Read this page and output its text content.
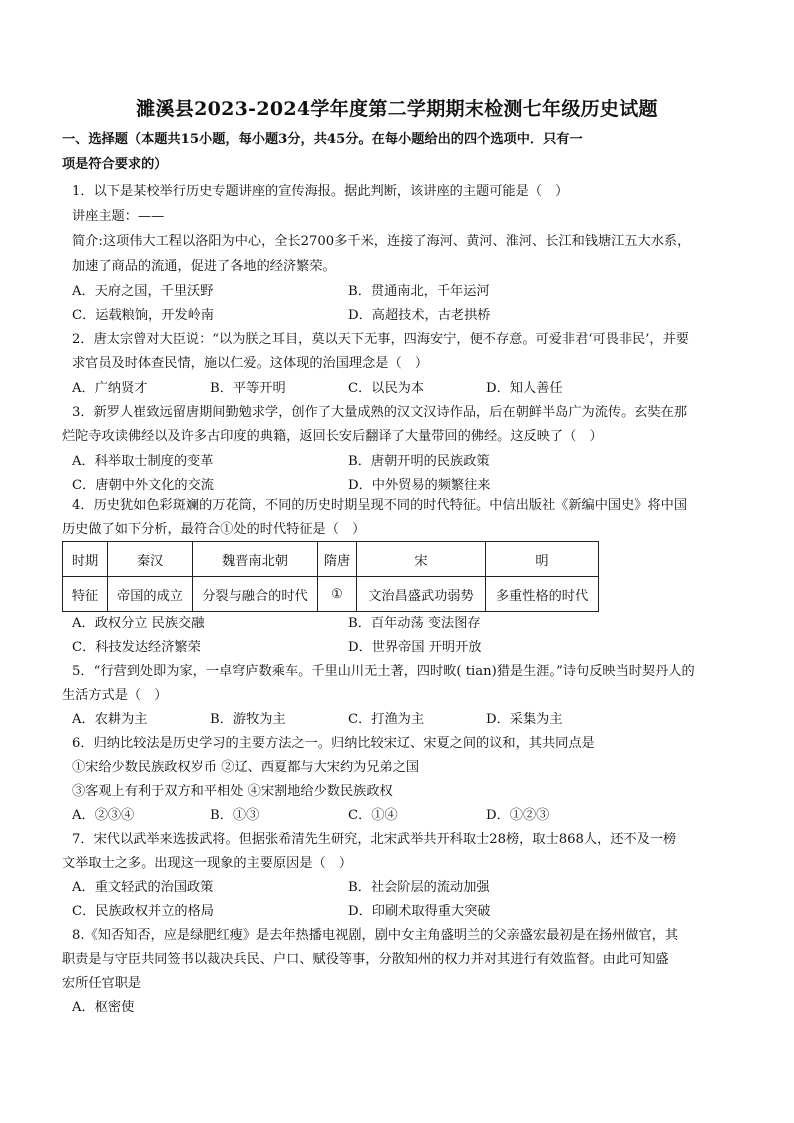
濉溪县2023-2024学年度第二学期期末检测七年级历史试题
一、选择题（本题共15小题，每小题3分，共45分。在每小题给出的四个选项中．只有一
项是符合要求的）
1．以下是某校举行历史专题讲座的宣传海报。据此判断，该讲座的主题可能是（　）
讲座主题：——
简介:这项伟大工程以洛阳为中心，全长2700多千米，连接了海河、黄河、淮河、长江和钱塘江五大水系，
加速了商品的流通，促进了各地的经济繁荣。
A．天府之国，千里沃野	B．贯通南北，千年运河
C．运载粮饷，开发岭南	D．高超技术，古老拱桥
2．唐太宗曾对大臣说：“以为朕之耳目，莫以天下无事，四海安宁，便不存意。可爱非君‘可畏非民’，并要
求官员及时体查民情，施以仁爱。这体现的治国理念是（　）
A．广纳贤才	B．平等开明	C．以民为本	D．知人善任
3．新罗人崔致远留唐期间勤勉求学，创作了大量成熟的汉文汉诗作品，后在朝鲜半岛广为流传。玄奘在那
烂陀寺攻读佛经以及许多古印度的典籍，返回长安后翻译了大量带回的佛经。这反映了（　）
A．科举取士制度的变革	B．唐朝开明的民族政策
C．唐朝中外文化的交流	D．中外贸易的频繁往来
4．历史犹如色彩斑斓的万花筒，不同的历史时期呈现不同的时代特征。中信出版社《新编中国史》将中国
历史做了如下分析，最符合①处的时代特征是（　）
时期	秦汉	魏晋南北朝	隋唐	宋	明
特征	帝国的成立	分裂与融合的时代	①	文治昌盛武功弱势	多重性格的时代
A．政权分立 民族交融	B．百年动荡 变法图存
C．科技发达经济繁荣	D．世界帝国 开明开放
5．“行营到处即为家，一卓穹庐数乘车。千里山川无土著，四时畋( tian)猎是生涯。”诗句反映当时契丹人的
生活方式是（　）
A．农耕为主	B．游牧为主	C．打渔为主	D．采集为主
6．归纳比较法是历史学习的主要方法之一。归纳比较宋辽、宋夏之间的议和，其共同点是
①宋给少数民族政权岁币 ②辽、西夏都与大宋约为兄弟之国
③客观上有利于双方和平相处 ④宋割地给少数民族政权
A．②③④	B．①③	C．①④	D．①②③
7．宋代以武举来选拔武将。但据张希清先生研究，北宋武举共开科取士28榜，取士868人，还不及一榜
文举取士之多。出现这一现象的主要原因是（　）
A．重文轻武的治国政策	B．社会阶层的流动加强
C．民族政权并立的格局	D．印刷术取得重大突破
8.《知否知否，应是绿肥红瘦》是去年热播电视剧，剧中女主角盛明兰的父亲盛宏最初是在扬州做官，其
职责是与守臣共同签书以裁决兵民、户口、赋役等事，分散知州的权力并对其进行有效监督。由此可知盛
宏所任官职是
A．枢密使
